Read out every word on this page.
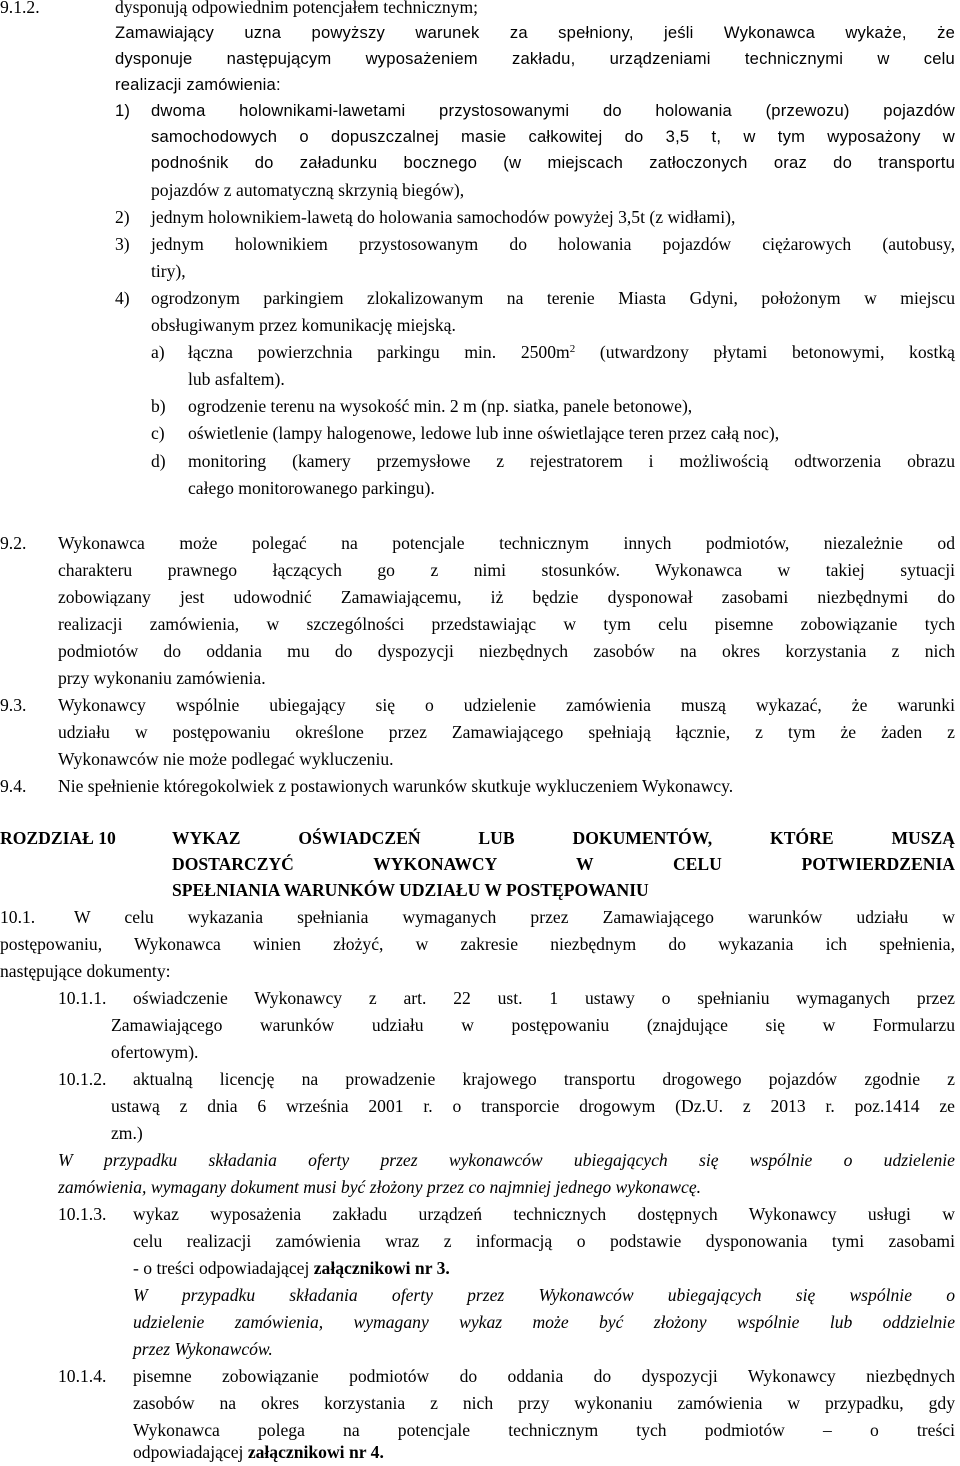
9.1.2.	dysponują odpowiednim potencjałem technicznym;
Zamawiający uzna powyższy warunek za spełniony, jeśli Wykonawca wykaże, że
dysponuje następującym wyposażeniem zakładu, urządzeniami technicznymi w celu
realizacji zamówienia:
1) dwoma holownikami-lawetami przystosowanymi do holowania (przewozu) pojazdów
samochodowych o dopuszczalnej masie całkowitej do 3,5 t, w tym wyposażony w
podnośnik do załadunku bocznego (w miejscach zatłoczonych oraz do transportu
pojazdów z automatyczną skrzynią biegów),
2) jednym holownikiem-lawetą do holowania samochodów powyżej 3,5t (z widłami),
3) jednym holownikiem przystosowanym do holowania pojazdów ciężarowych (autobusy,
tiry),
4) ogrodzonym parkingiem zlokalizowanym na terenie Miasta Gdyni, położonym w miejscu
obsługiwanym przez komunikację miejską.
a) łączna powierzchnia parkingu min. $2500m^2$ (utwardzony płytami betonowymi, kostką
lub asfaltem).
b) ogrodzenie terenu na wysokość min. 2 m (np. siatka, panele betonowe),
c) oświetlenie (lampy halogenowe, ledowe lub inne oświetlające teren przez całą noc),
d) monitoring (kamery przemysłowe z rejestratorem i możliwością odtworzenia obrazu
całego monitorowanego parkingu).
9.2. Wykonawca może polegać na potencjale technicznym innych podmiotów, niezależnie od
charakteru prawnego łączących go z nimi stosunków. Wykonawca w takiej sytuacji
zobowiązany jest udowodnić Zamawiającemu, iż będzie dysponował zasobami niezbędnymi do
realizacji zamówienia, w szczególności przedstawiając w tym celu pisemne zobowiązanie tych
podmiotów do oddania mu do dyspozycji niezbędnych zasobów na okres korzystania z nich
przy wykonaniu zamówienia.
9.3. Wykonawcy wspólnie ubiegający się o udzielenie zamówienia muszą wykazać, że warunki
udziału w postępowaniu określone przez Zamawiającego spełniają łącznie, z tym że żaden z
Wykonawców nie może podlegać wykluczeniu.
9.4. Nie spełnienie któregokolwiek z postawionych warunków skutkuje wykluczeniem Wykonawcy.
ROZDZIAŁ 10	WYKAZ OŚWIADCZEŃ LUB DOKUMENTÓW, KTÓRE MUSZĄ
DOSTARCZYĆ WYKONAWCY W CELU POTWIERDZENIA
SPEŁNIANIA WARUNKÓW UDZIAŁU W POSTĘPOWANIU
10.1. W celu wykazania spełniania wymaganych przez Zamawiającego warunków udziału w
postępowaniu, Wykonawca winien złożyć, w zakresie niezbędnym do wykazania ich spełnienia,
następujące dokumenty:
10.1.1. oświadczenie Wykonawcy z art. 22 ust. 1 ustawy o spełnianiu wymaganych przez
Zamawiającego warunków udziału w postępowaniu (znajdujące się w Formularzu
ofertowym).
10.1.2. aktualną licencję na prowadzenie krajowego transportu drogowego pojazdów zgodnie z
ustawą z dnia 6 września 2001 r. o transporcie drogowym (Dz.U. z 2013 r. poz.1414 ze
zm.)
W przypadku składania oferty przez wykonawców ubiegających się wspólnie o udzielenie
zamówienia, wymagany dokument musi być złożony przez co najmniej jednego wykonawcę.
10.1.3. wykaz wyposażenia zakładu urządzeń technicznych dostępnych Wykonawcy usługi w
celu realizacji zamówienia wraz z informacją o podstawie dysponowania tymi zasobami
- o treści odpowiadającej załącznikowi nr 3.
W przypadku składania oferty przez Wykonawców ubiegających się wspólnie o
udzielenie zamówienia, wymagany wykaz może być złożony wspólnie lub oddzielnie
przez Wykonawców.
10.1.4. pisemne zobowiązanie podmiotów do oddania do dyspozycji Wykonawcy niezbędnych
zasobów na okres korzystania z nich przy wykonaniu zamówienia w przypadku, gdy
Wykonawca polega na potencjale technicznym tych podmiotów – o treści
odpowiadającej załącznikowi nr 4.
